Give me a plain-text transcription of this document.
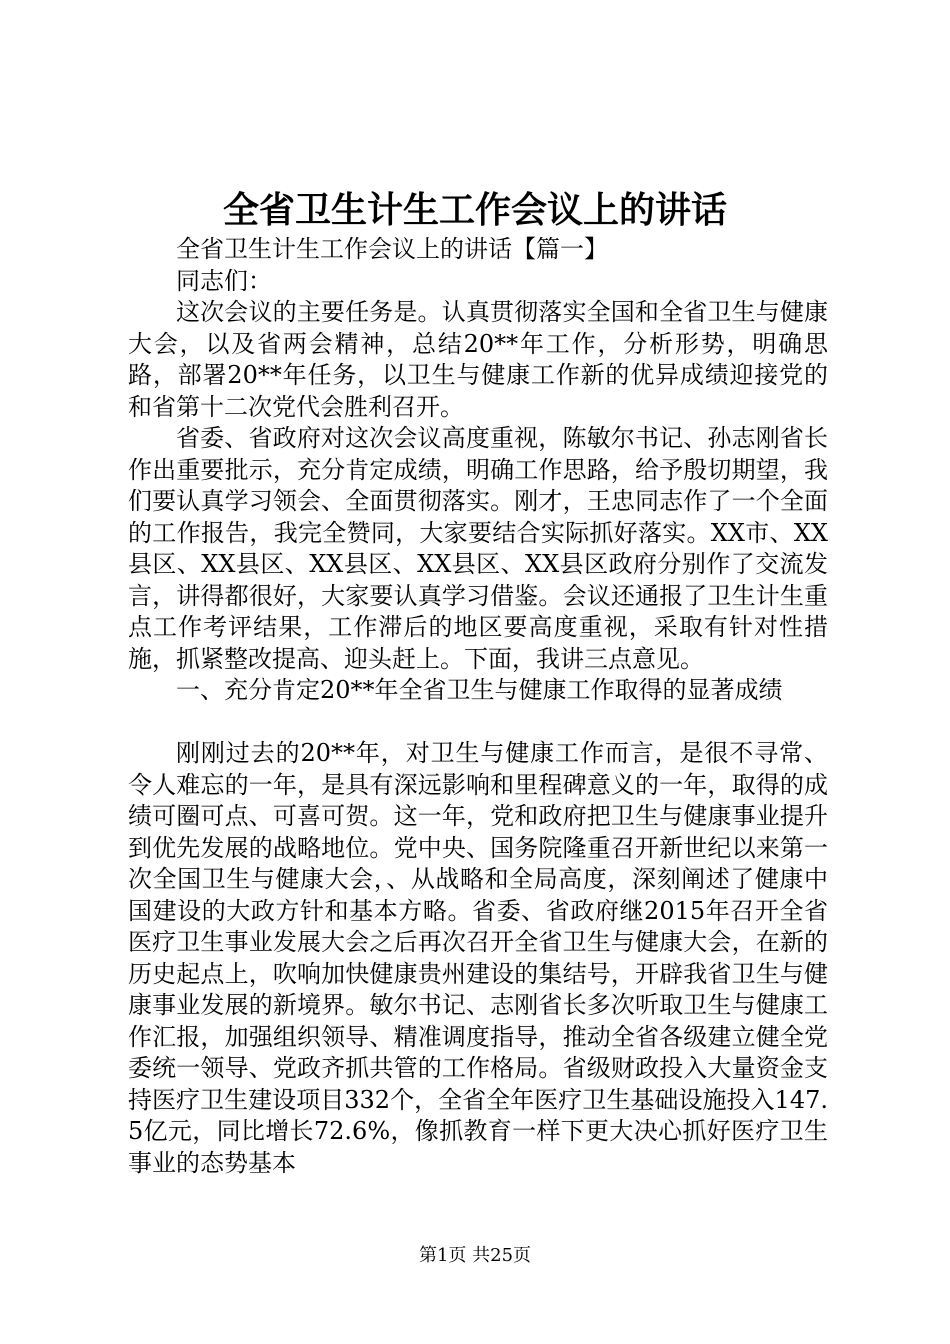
全省卫生计生工作会议上的讲话

全省卫生计生工作会议上的讲话【篇一】

同志们：

这次会议的主要任务是。认真贯彻落实全国和全省卫生与健康大会，以及省两会精神，总结20**年工作，分析形势，明确思路，部署20**年任务，以卫生与健康工作新的优异成绩迎接党的和省第十二次党代会胜利召开。

省委、省政府对这次会议高度重视，陈敏尔书记、孙志刚省长作出重要批示，充分肯定成绩，明确工作思路，给予殷切期望，我们要认真学习领会、全面贯彻落实。刚才，王忠同志作了一个全面的工作报告，我完全赞同，大家要结合实际抓好落实。XX市、XX县区、XX县区、XX县区、XX县区、XX县区政府分别作了交流发言，讲得都很好，大家要认真学习借鉴。会议还通报了卫生计生重点工作考评结果，工作滞后的地区要高度重视，采取有针对性措施，抓紧整改提高、迎头赶上。下面，我讲三点意见。

一、充分肯定20**年全省卫生与健康工作取得的显著成绩

刚刚过去的20**年，对卫生与健康工作而言，是很不寻常、令人难忘的一年，是具有深远影响和里程碑意义的一年，取得的成绩可圈可点、可喜可贺。这一年，党和政府把卫生与健康事业提升到优先发展的战略地位。党中央、国务院隆重召开新世纪以来第一次全国卫生与健康大会，、从战略和全局高度，深刻阐述了健康中国建设的大政方针和基本方略。省委、省政府继2015年召开全省医疗卫生事业发展大会之后再次召开全省卫生与健康大会，在新的历史起点上，吹响加快健康贵州建设的集结号，开辟我省卫生与健康事业发展的新境界。敏尔书记、志刚省长多次听取卫生与健康工作汇报，加强组织领导、精准调度指导，推动全省各级建立健全党委统一领导、党政齐抓共管的工作格局。省级财政投入大量资金支持医疗卫生建设项目332个，全省全年医疗卫生基础设施投入147.5亿元，同比增长72.6%，像抓教育一样下更大决心抓好医疗卫生事业的态势基本

第1页 共25页
